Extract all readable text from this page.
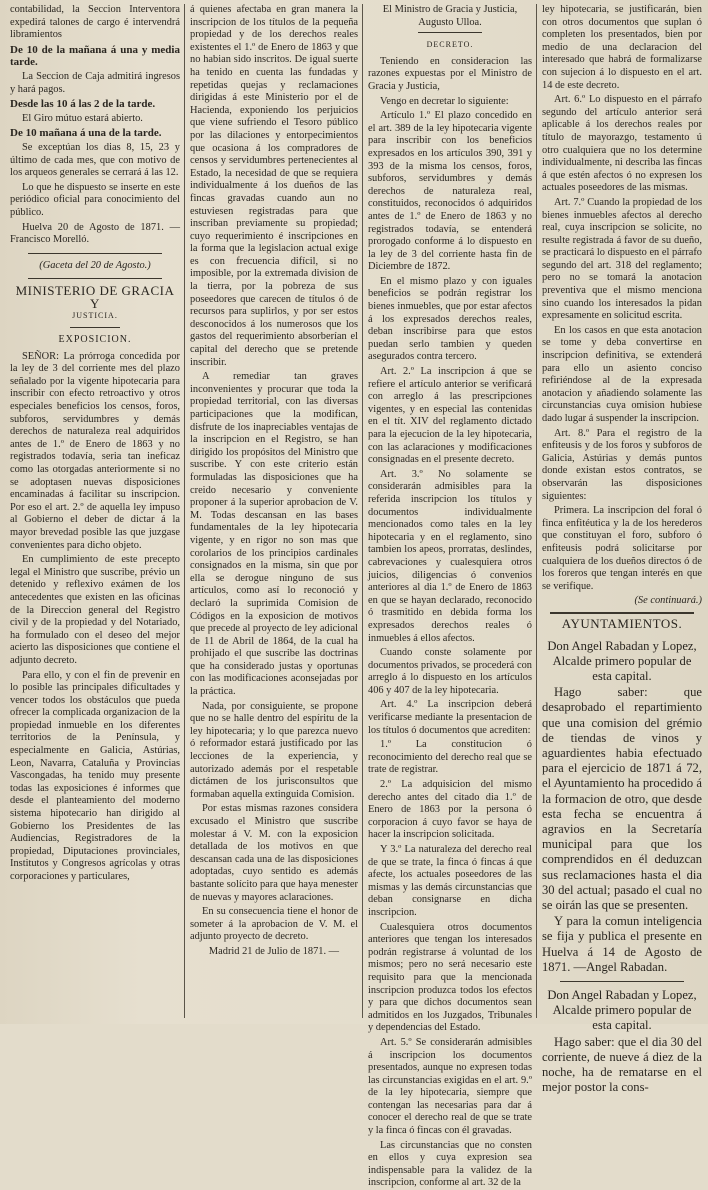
contabilidad, la Seccion Interventora expedirá talones de cargo é intervendrá libramientos

De 10 de la mañana á una y media tarde.

La Seccion de Caja admitirá ingresos y hará pagos.

Desde las 10 á las 2 de la tarde.

El Giro mútuo estará abierto.

De 10 mañana á una de la tarde.

Se exceptúan los dias 8, 15, 23 y último de cada mes, que con motivo de los arqueos generales se cerrará á las 12.

Lo que he dispuesto se inserte en este periódico oficial para conocimiento del público.

Huelva 20 de Agosto de 1871. —Francisco Morelló.

(Gaceta del 20 de Agosto.)

MINISTERIO DE GRACIA Y
JUSTICIA.
EXPOSICION.

SEÑOR: La prórroga concedida por la ley de 3 del corriente mes del plazo señalado por la vigente hipotecaria para inscribir con efecto retroactivo y otros especiales beneficios los censos, foros, subforos, servidumbres y demás derechos de naturaleza real adquiridos antes de 1.º de Enero de 1863 y no registrados todavía, seria tan ineficaz como las otorgadas anteriormente si no se adoptasen nuevas disposiciones encaminadas á facilitar su inscripcion. Por eso el art. 2.º de aquella ley impuso al Gobierno el deber de dictar á la mayor brevedad posible las que juzgase convenientes para dicho objeto.

En cumplimiento de este precepto legal el Ministro que suscribe, prévio un detenido y reflexivo exámen de los antecedentes que existen en las oficinas de la Direccion general del Registro civil y de la propiedad y del Notariado, ha formulado con el deseo del mejor acierto las disposiciones que contiene el adjunto decreto.

Para ello, y con el fin de prevenir en lo posible las principales dificultades y vencer todos los obstáculos que pueda ofrecer la complicada organizacion de la propiedad inmueble en los diferentes territorios de la Península, y especialmente en Galicia, Astúrias, Leon, Navarra, Cataluña y Provincias Vascongadas, ha tenido muy presente todas las exposiciones é informes que desde el planteamiento del moderno sistema hipotecario han dirigido al Gobierno los Presidentes de las Audiencias, Registradores de la propiedad, Diputaciones provinciales, Institutos y Congresos agrícolas y otras corporaciones y particulares,

á quienes afectaba en gran manera la inscripcion de los títulos de la pequeña propiedad y de los derechos reales existentes el 1.º de Enero de 1863 y que no habian sido inscritos. De igual suerte ha tenido en cuenta las fundadas y repetidas quejas y reclamaciones dirigidas á este Ministerio por el de Hacienda, exponiendo los perjuicios que viene sufriendo el Tesoro público por las dilaciones y entorpecimientos que ocasiona á los compradores de censos y servidumbres pertenecientes al Estado, la necesidad de que se requiera individualmente á los dueños de las fincas gravadas cuando aun no estuviesen registradas para que inscriban previamente su propiedad; cuyo requerimiento é inscripciones en la forma que la legislacion actual exige es con frecuencia difícil, si no imposible, por la extremada division de la tierra, por la pobreza de sus poseedores que carecen de títulos ó de recursos para suplirlos, y por ser estos desconocidos á los numerosos que los gastos del requerimiento absorberían el capital del derecho que se pretende inscribir.

A remediar tan graves inconvenientes y procurar que toda la propiedad territorial, con las diversas participaciones que la modifican, disfrute de los inapreciables ventajas de la inscripcion en el Registro, se han dirigido los propósitos del Ministro que suscribe. Y con este criterio están formuladas las disposiciones que ha creido necesario y conveniente proponer á la superior aprobacion de V. M. Todas descansan en las bases fundamentales de la ley hipotecaria vigente, y en rigor no son mas que corolarios de los principios cardinales consignados en la misma, sin que por ella se derogue ninguno de sus artículos, como así lo reconoció y declaró la suprimida Comision de Códigos en la exposicion de motivos que precede al proyecto de ley adicional de 11 de Abril de 1864, de la cual ha prohijado el que suscribe las doctrinas que ha considerado justas y oportunas con las modificaciones aconsejadas por la práctica.

Nada, por consiguiente, se propone que no se halle dentro del espíritu de la ley hipotecaria; y lo que parezca nuevo ó reformador estará justificado por las lecciones de la experiencia, y autorizado además por el respetable dictámen de los jurisconsultos que formaban aquella extinguida Comision.

Por estas mismas razones considera excusado el Ministro que suscribe molestar á V. M. con la exposicion detallada de los motivos en que descansan cada una de las disposiciones adoptadas, cuyo sentido es además bastante solícito para que haya menester de nuevas y mayores aclaraciones.

En su consecuencia tiene el honor de someter á la aprobacion de V. M. el adjunto proyecto de decreto.

Madrid 21 de Julio de 1871. —

El Ministro de Gracia y Justicia, Augusto Ulloa.

DECRETO.

Teniendo en consideracion las razones expuestas por el Ministro de Gracia y Justicia,

Vengo en decretar lo siguiente:

Artículo 1.º El plazo concedido en el art. 389 de la ley hipotecaria vigente para inscribir con los beneficios expresados en los artículos 390, 391 y 393 de la misma los censos, foros, subforos, servidumbres y demás derechos de naturaleza real, constituidos, reconocidos ó adquiridos antes de 1.º de Enero de 1863 y no registrados todavía, se entenderá prorogado conforme á lo dispuesto en la ley de 3 del corriente hasta fin de Diciembre de 1872.

En el mismo plazo y con iguales beneficios se podrán registrar los bienes inmuebles, que por estar afectos á los expresados derechos reales, deban inscribirse para que estos puedan serlo tambien y queden asegurados contra tercero.

Art. 2.º La inscripcion á que se refiere el artículo anterior se verificará con arreglo á las prescripciones vigentes, y en especial las contenidas en el tít. XIV del reglamento dictado para la ejecucion de la ley hipotecaria, con las aclaraciones y modificaciones consignadas en el presente decreto.

Art. 3.º No solamente se considerarán admisibles para la referida inscripcion los títulos y documentos individualmente mencionados como tales en la ley hipotecaria y en el reglamento, sino tambien los apeos, prorratas, deslindes, cabrevaciones y cualesquiera otros juicios, diligencias ó convenios anteriores al dia 1.º de Enero de 1863 en que se hayan declarado, reconocido ó trasmitido en debida forma los expresados derechos reales ó inmuebles á ellos afectos.

Cuando conste solamente por documentos privados, se procederá con arreglo á lo dispuesto en los artículos 406 y 407 de la ley hipotecaria.

Art. 4.º La inscripcion deberá verificarse mediante la presentacion de los títulos ó documentos que acrediten:

1.º La constitucion ó reconocimiento del derecho real que se trate de registrar.

2.º La adquisicion del mismo derecho antes del citado dia 1.º de Enero de 1863 por la persona ó corporacion á cuyo favor se haya de hacer la inscripcion solicitada.

Y 3.º La naturaleza del derecho real de que se trate, la finca ó fincas á que afecte, los actuales poseedores de las mismas y las demás circunstancias que deban consignarse en dicha inscripcion.

Cualesquiera otros documentos anteriores que tengan los interesados podrán registrarse á voluntad de los mismos; pero no será necesario este requisito para que la mencionada inscripcion produzca todos los efectos y para que dichos documentos sean admitidos en los Juzgados, Tribunales y dependencias del Estado.

Art. 5.º Se considerarán admisibles á inscripcion los documentos presentados, aunque no expresen todas las circunstancias exigidas en el art. 9.º de la ley hipotecaria, siempre que contengan las necesarias para dar á conocer el derecho real de que se trate y la finca ó fincas con él gravadas.

Las circunstancias que no consten en ellos y cuya expresion sea indispensable para la validez de la inscripcion, conforme al art. 32 de la

ley hipotecaria, se justificarán, bien con otros documentos que suplan ó completen los presentados, bien por medio de una declaracion del interesado que habrá de formalizarse con sujecion á lo dispuesto en el art. 14 de este decreto.

Art. 6.º Lo dispuesto en el párrafo segundo del artículo anterior será aplicable á los derechos reales por título de mayorazgo, testamento ú otro cualquiera que no los determine individualmente, ni describa las fincas á que estén afectos ó no expresen los actuales poseedores de las mismas.

Art. 7.º Cuando la propiedad de los bienes inmuebles afectos al derecho real, cuya inscripcion se solicite, no resulte registrada á favor de su dueño, se practicará lo dispuesto en el párrafo segundo del art. 318 del reglamento; pero no se tomará la anotacion preventiva que el mismo menciona sino cuando los interesados la pidan expresamente en solicitud escrita.

En los casos en que esta anotacion se tome y deba convertirse en inscripcion definitiva, se extenderá para ello un asiento conciso refiriéndose al de la expresada anotacion y añadiendo solamente las circunstancias cuya omision hubiese dado lugar á suspender la inscripcion.

Art. 8.º Para el registro de la enfiteusis y de los foros y subforos de Galicia, Astúrias y demás puntos donde existan estos contratos, se observarán las disposiciones siguientes:

Primera. La inscripcion del foral ó finca enfitéutica y la de los herederos que constituyan el foro, subforo ó enfiteusis podrá solicitarse por cualquiera de los dueños directos ó de los foreros que tengan interés en que se verifique.

(Se continuará.)

AYUNTAMIENTOS.

Don Angel Rabadan y Lopez, Alcalde primero popular de esta capital.

Hago saber: que desaprobado el repartimiento que una comision del grémio de tiendas de vinos y aguardientes habia efectuado para el ejercicio de 1871 á 72, el Ayuntamiento ha procedido á la formacion de otro, que desde esta fecha se encuentra á agravios en la Secretaría municipal para que los comprendidos en él deduzcan sus reclamaciones hasta el dia 30 del actual; pasado el cual no se oirán las que se presenten.

Y para la comun inteligencia se fija y publica el presente en Huelva á 14 de Agosto de 1871. —Angel Rabadan.

Don Angel Rabadan y Lopez, Alcalde primero popular de esta capital.

Hago saber: que el dia 30 del corriente, de nueve á diez de la noche, ha de rematarse en el mejor postor la cons-
